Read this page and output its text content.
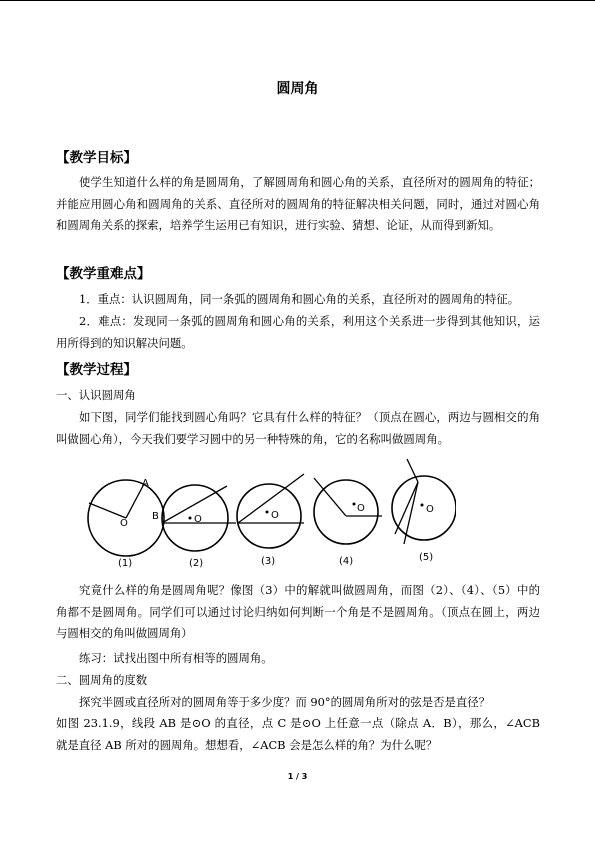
圆周角
【教学目标】
使学生知道什么样的角是圆周角，了解圆周角和圆心角的关系，直径所对的圆周角的特征；并能应用圆心角和圆周角的关系、直径所对的圆周角的特征解决相关问题，同时，通过对圆心角和圆周角关系的探索，培养学生运用已有知识，进行实验、猜想、论证，从而得到新知。
【教学重难点】
1．重点：认识圆周角，同一条弧的圆周角和圆心角的关系，直径所对的圆周角的特征。
2．难点：发现同一条弧的圆周角和圆心角的关系，利用这个关系进一步得到其他知识，运用所得到的知识解决问题。
【教学过程】
一、认识圆周角
如下图，同学们能找到圆心角吗？它具有什么样的特征？（顶点在圆心，两边与圆相交的角叫做圆心角），今天我们要学习圆中的另一种特殊的角，它的名称叫做圆周角。
A
O
(1)
B	O
(2)
O
(3)
O
(4)
O
(5)
究竟什么样的角是圆周角呢？像图（3）中的解就叫做圆周角，而图（2）、（4）、（5）中的角都不是圆周角。同学们可以通过讨论归纳如何判断一个角是不是圆周角。（顶点在圆上，两边与圆相交的角叫做圆周角）
练习：试找出图中所有相等的圆周角。
二、圆周角的度数
探究半圆或直径所对的圆周角等于多少度？而 90°的圆周角所对的弦是否是直径？
如图 23.1.9，线段 AB 是⊙O 的直径，点 C 是⊙O 上任意一点（除点 A．B），那么，∠ACB 就是直径 AB 所对的圆周角。想想看，∠ACB 会是怎么样的角？为什么呢？
1 / 3
